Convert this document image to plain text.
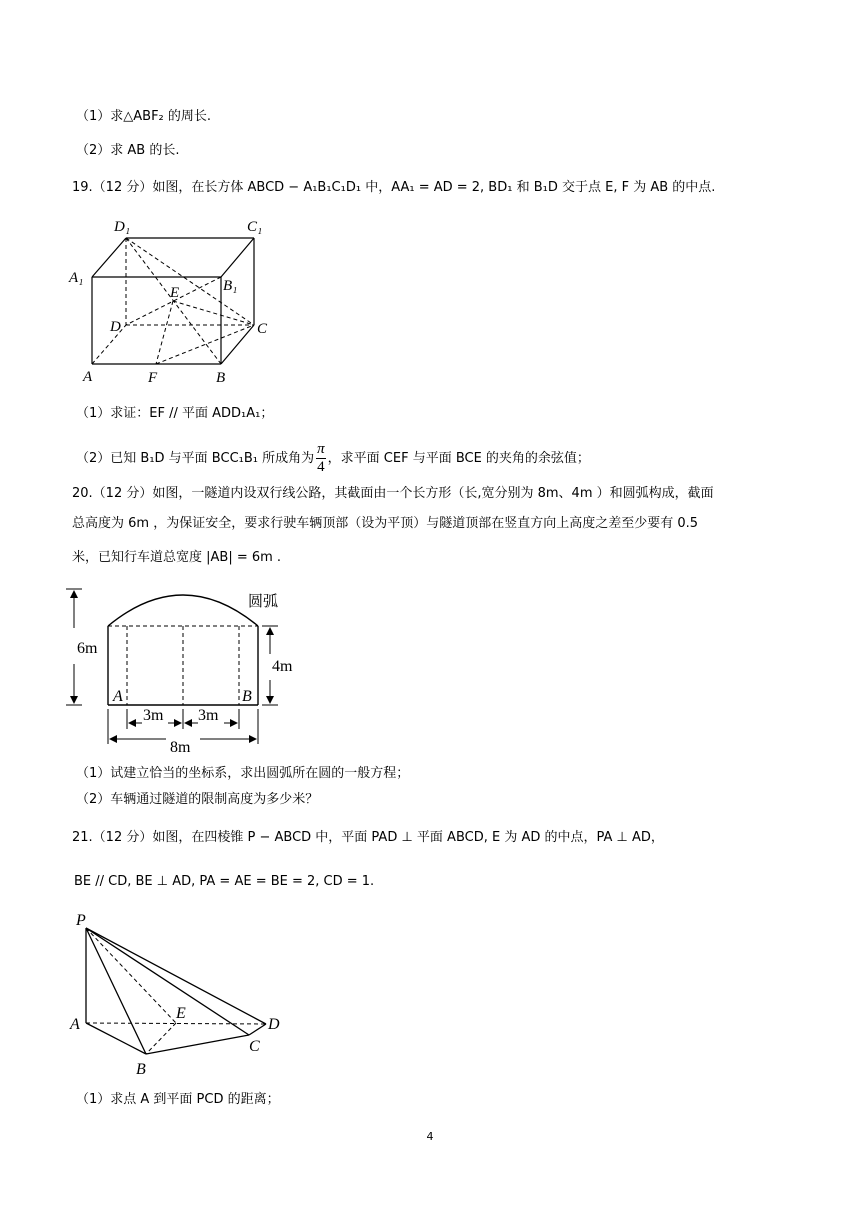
（1）求△ABF₂ 的周长.
（2）求 AB 的长.
19.（12 分）如图，在长方体 ABCD − A₁B₁C₁D₁ 中，AA₁ = AD = 2, BD₁ 和 B₁D 交于点 E, F 为 AB 的中点.
D₁	C₁
A₁	B₁
E
D	C
A	F	B
（1）求证：EF // 平面 ADD₁A₁；
（2）已知 B₁D 与平面 BCC₁B₁ 所成角为 $\frac{\pi}{4}$ ，求平面 CEF 与平面 BCE 的夹角的余弦值；
20.（12 分）如图，一隧道内设双行线公路，其截面由一个长方形（长,宽分别为 8m、4m ）和圆弧构成，截面
总高度为 6m ，为保证安全，要求行驶车辆顶部（设为平顶）与隧道顶部在竖直方向上高度之差至少要有 0.5
米，已知行车道总宽度 |AB| = 6m .
圆弧
6m
4m
A	B
3m 3m
8m
（1）试建立恰当的坐标系，求出圆弧所在圆的一般方程；
（2）车辆通过隧道的限制高度为多少米？
21.（12 分）如图，在四棱锥 P − ABCD 中，平面 PAD ⊥ 平面 ABCD, E 为 AD 的中点，PA ⊥ AD，
BE // CD, BE ⊥ AD, PA = AE = BE = 2, CD = 1.
P
A
E
D
C
B
（1）求点 A 到平面 PCD 的距离；
4
